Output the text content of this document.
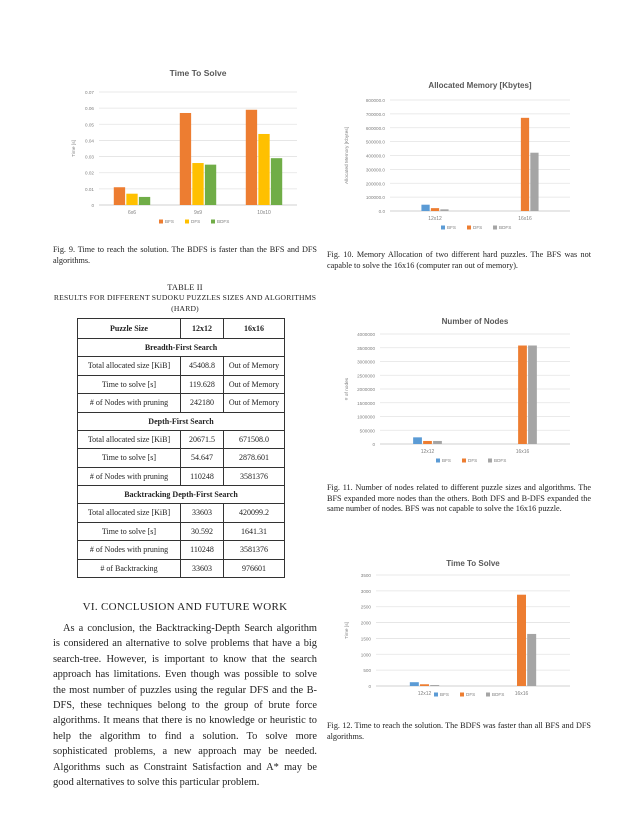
Time To Solve
0
0.01
0.02
0.03
0.04
0.05
0.06
0.07
Time [s]
6x6	9x9	10x10
BFS	DFS	BDFS
Fig. 9. Time to reach the solution. The BDFS is faster than the BFS and DFS algorithms.
Allocated Memory [Kbytes]
0.0
100000.0
200000.0
300000.0
400000.0
500000.0
600000.0
700000.0
800000.0
Allocated Memory [Kbytes]
12x12	16x16
BFS	DFS	BDFS
Fig. 10. Memory Allocation of two different hard puzzles. The BFS was not capable to solve the 16x16 (computer ran out of memory).
Number of Nodes
0
500000
1000000
1500000
2000000
2500000
3000000
3500000
4000000
# of nodes
12x12	16x16
BFS	DFS	BDFS
Fig. 11. Number of nodes related to different puzzle sizes and algorithms. The BFS expanded more nodes than the others. Both DFS and B-DFS expanded the same number of nodes. BFS was not capable to solve the 16x16 puzzle.
Time To Solve
0
500
1000
1500
2000
2500
3000
3500
Time [s]
12x12	16x16
BFS	DFS	BDFS
Fig. 12. Time to reach the solution. The BDFS was faster than all BFS and DFS algorithms.
TABLE II
RESULTS FOR DIFFERENT SUDOKU PUZZLES SIZES AND ALGORITHMS (HARD)
Puzzle Size	12x12	16x16
Breadth-First Search		
Total allocated size [KiB]	45408.8	Out of Memory
Time to solve [s]	119.628	Out of Memory
# of Nodes with pruning	242180	Out of Memory
Depth-First Search		
Total allocated size [KiB]	20671.5	671508.0
Time to solve [s]	54.647	2878.601
# of Nodes with pruning	110248	3581376
Backtracking Depth-First Search		
Total allocated size [KiB]	33603	420099.2
Time to solve [s]	30.592	1641.31
# of Nodes with pruning	110248	3581376
# of Backtracking	33603	976601
VI. CONCLUSION AND FUTURE WORK
As a conclusion, the Backtracking-Depth Search algorithm is considered an alternative to solve problems that have a big search-tree. However, is important to know that the search approach has limitations. Even though was possible to solve the most number of puzzles using the regular DFS and the B-DFS, these techniques belong to the group of brute force algorithms. It means that there is no knowledge or heuristic to help the algorithm to find a solution. To solve more sophisticated problems, a new approach may be needed. Algorithms such as Constraint Satisfaction and A* may be good alternatives to solve this particular problem.
